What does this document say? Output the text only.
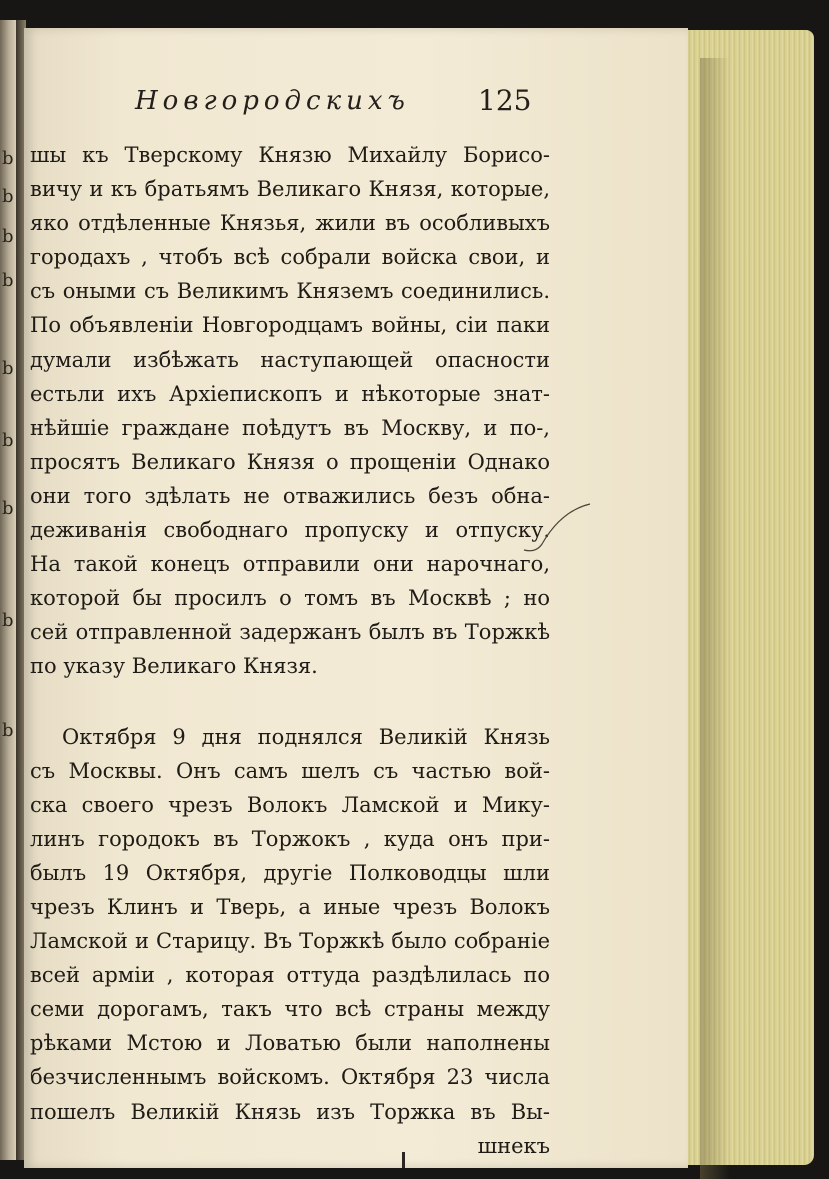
b
b
b
b
b
b
b
b
b
Новгородскихъ 125
шы къ Тверскому Князю Михайлу Борисо-
вичу и къ братьямъ Великаго Князя, которые,
яко отдѣленные Князья, жили въ особливыхъ
городахъ , чтобъ всѣ собрали войска свои, и
съ оными съ Великимъ Княземъ соединились.
По объявленіи Новгородцамъ войны, сіи паки
думали избѣжать наступающей опасности
естьли ихъ Архіепископъ и нѣкоторые знат-
нѣйшіе граждане поѣдутъ въ Москву, и по-,
просятъ Великаго Князя о прощеніи Однако
они того здѣлать не отважились безъ обна-
деживанія свободнаго пропуску и отпуску.
На такой конецъ отправили они нарочнаго,
которой бы просилъ о томъ въ Москвѣ ; но
сей отправленной задержанъ былъ въ Торжкѣ
по указу Великаго Князя.
Октября 9 дня поднялся Великій Князь
съ Москвы. Онъ самъ шелъ съ частью вой-
ска своего чрезъ Волокъ Ламской и Мику-
линъ городокъ въ Торжокъ , куда онъ при-
былъ 19 Октября, другіе Полководцы шли
чрезъ Клинъ и Тверь, а иные чрезъ Волокъ
Ламской и Старицу. Въ Торжкѣ было собраніе
всей арміи , которая оттуда раздѣлилась по
семи дорогамъ, такъ что всѣ страны между
рѣками Мстою и Ловатью были наполнены
безчисленнымъ войскомъ. Октября 23 числа
пошелъ Великій Князь изъ Торжка въ Вы-
шнекъ
